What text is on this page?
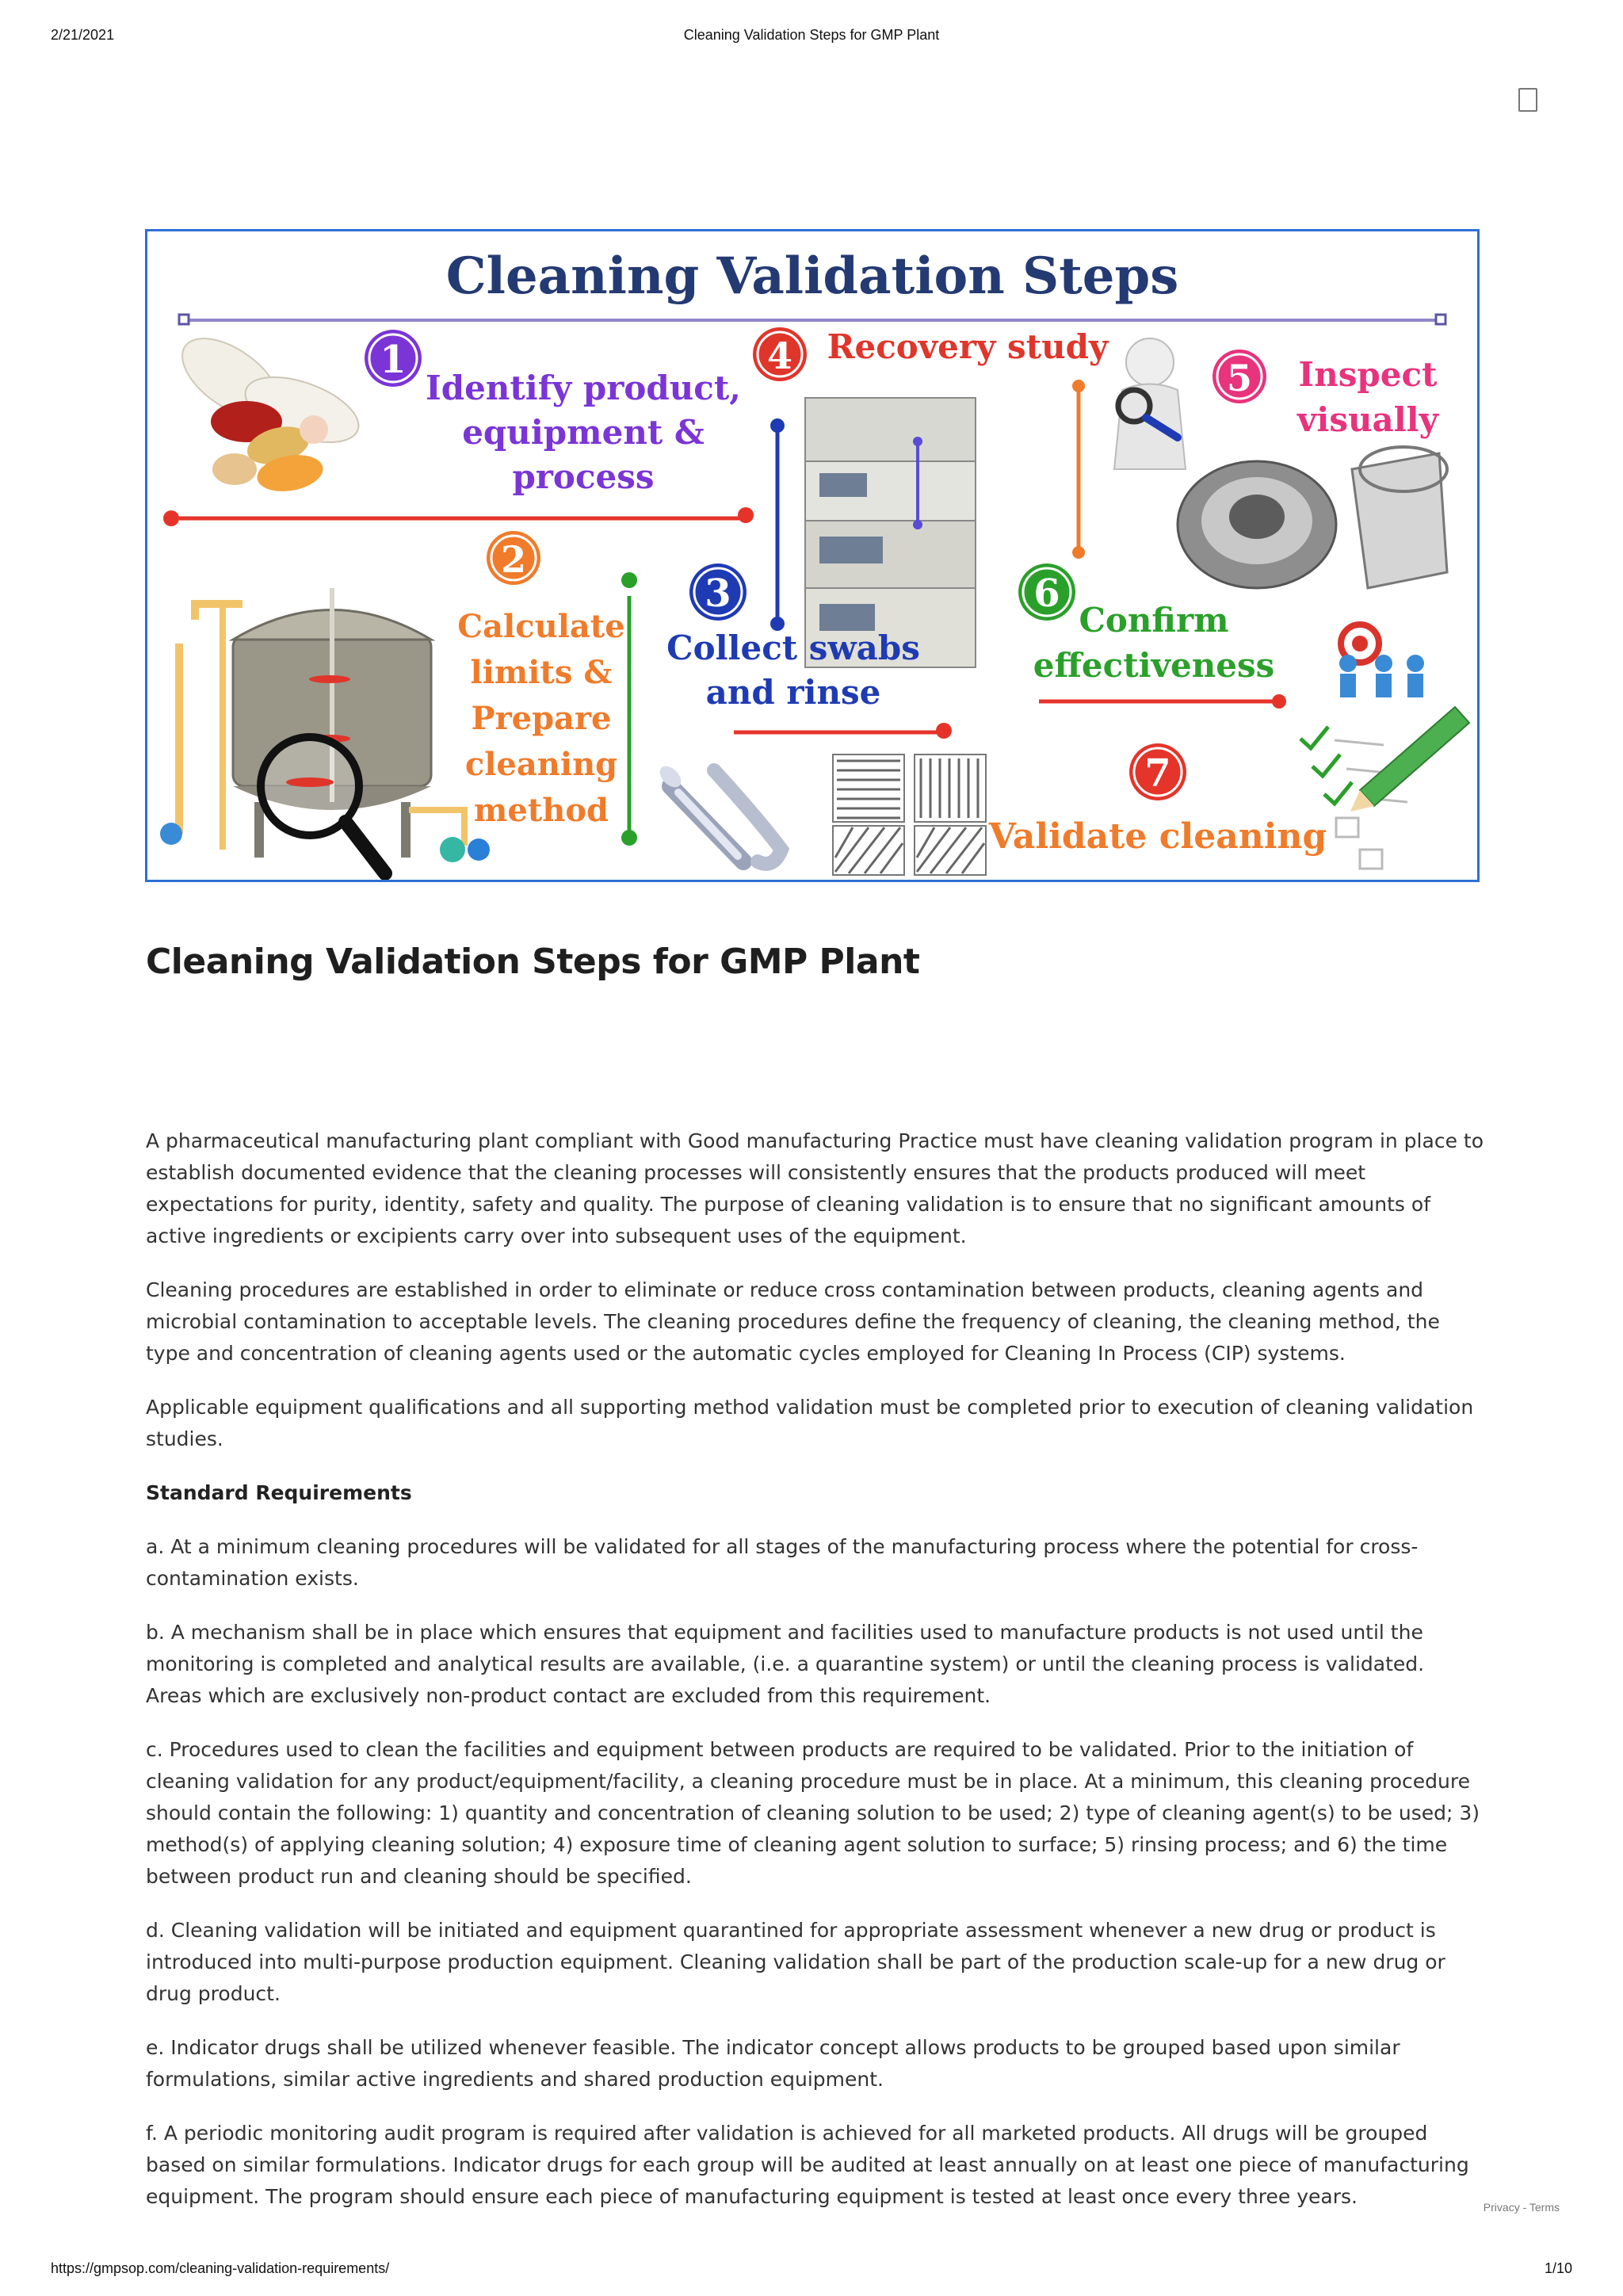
2/21/2021	Cleaning Validation Steps for GMP Plant
Cleaning Validation Steps
1
Identify product,
equipment &
process
2
Calculate
limits &
Prepare
cleaning
method
4 Recovery study
3
Collect swabs
and rinse
5 Inspect
visually
6
Confirm
effectiveness
7
Validate cleaning
Cleaning Validation Steps for GMP Plant

A pharmaceutical manufacturing plant compliant with Good manufacturing Practice must have cleaning validation program in place to establish documented evidence that the cleaning processes will consistently ensures that the products produced will meet expectations for purity, identity, safety and quality. The purpose of cleaning validation is to ensure that no significant amounts of active ingredients or excipients carry over into subsequent uses of the equipment.

Cleaning procedures are established in order to eliminate or reduce cross contamination between products, cleaning agents and microbial contamination to acceptable levels. The cleaning procedures define the frequency of cleaning, the cleaning method, the type and concentration of cleaning agents used or the automatic cycles employed for Cleaning In Process (CIP) systems.

Applicable equipment qualifications and all supporting method validation must be completed prior to execution of cleaning validation studies.

Standard Requirements

a. At a minimum cleaning procedures will be validated for all stages of the manufacturing process where the potential for cross-contamination exists.

b. A mechanism shall be in place which ensures that equipment and facilities used to manufacture products is not used until the monitoring is completed and analytical results are available, (i.e. a quarantine system) or until the cleaning process is validated. Areas which are exclusively non-product contact are excluded from this requirement.

c. Procedures used to clean the facilities and equipment between products are required to be validated. Prior to the initiation of cleaning validation for any product/equipment/facility, a cleaning procedure must be in place. At a minimum, this cleaning procedure should contain the following: 1) quantity and concentration of cleaning solution to be used; 2) type of cleaning agent(s) to be used; 3) method(s) of applying cleaning solution; 4) exposure time of cleaning agent solution to surface; 5) rinsing process; and 6) the time between product run and cleaning should be specified.

d. Cleaning validation will be initiated and equipment quarantined for appropriate assessment whenever a new drug or product is introduced into multi-purpose production equipment. Cleaning validation shall be part of the production scale-up for a new drug or drug product.

e. Indicator drugs shall be utilized whenever feasible. The indicator concept allows products to be grouped based upon similar formulations, similar active ingredients and shared production equipment.

f. A periodic monitoring audit program is required after validation is achieved for all marketed products. All drugs will be grouped based on similar formulations. Indicator drugs for each group will be audited at least annually on at least one piece of manufacturing equipment. The program should ensure each piece of manufacturing equipment is tested at least once every three years.	Privacy - Terms
https://gmpsop.com/cleaning-validation-requirements/	1/10
